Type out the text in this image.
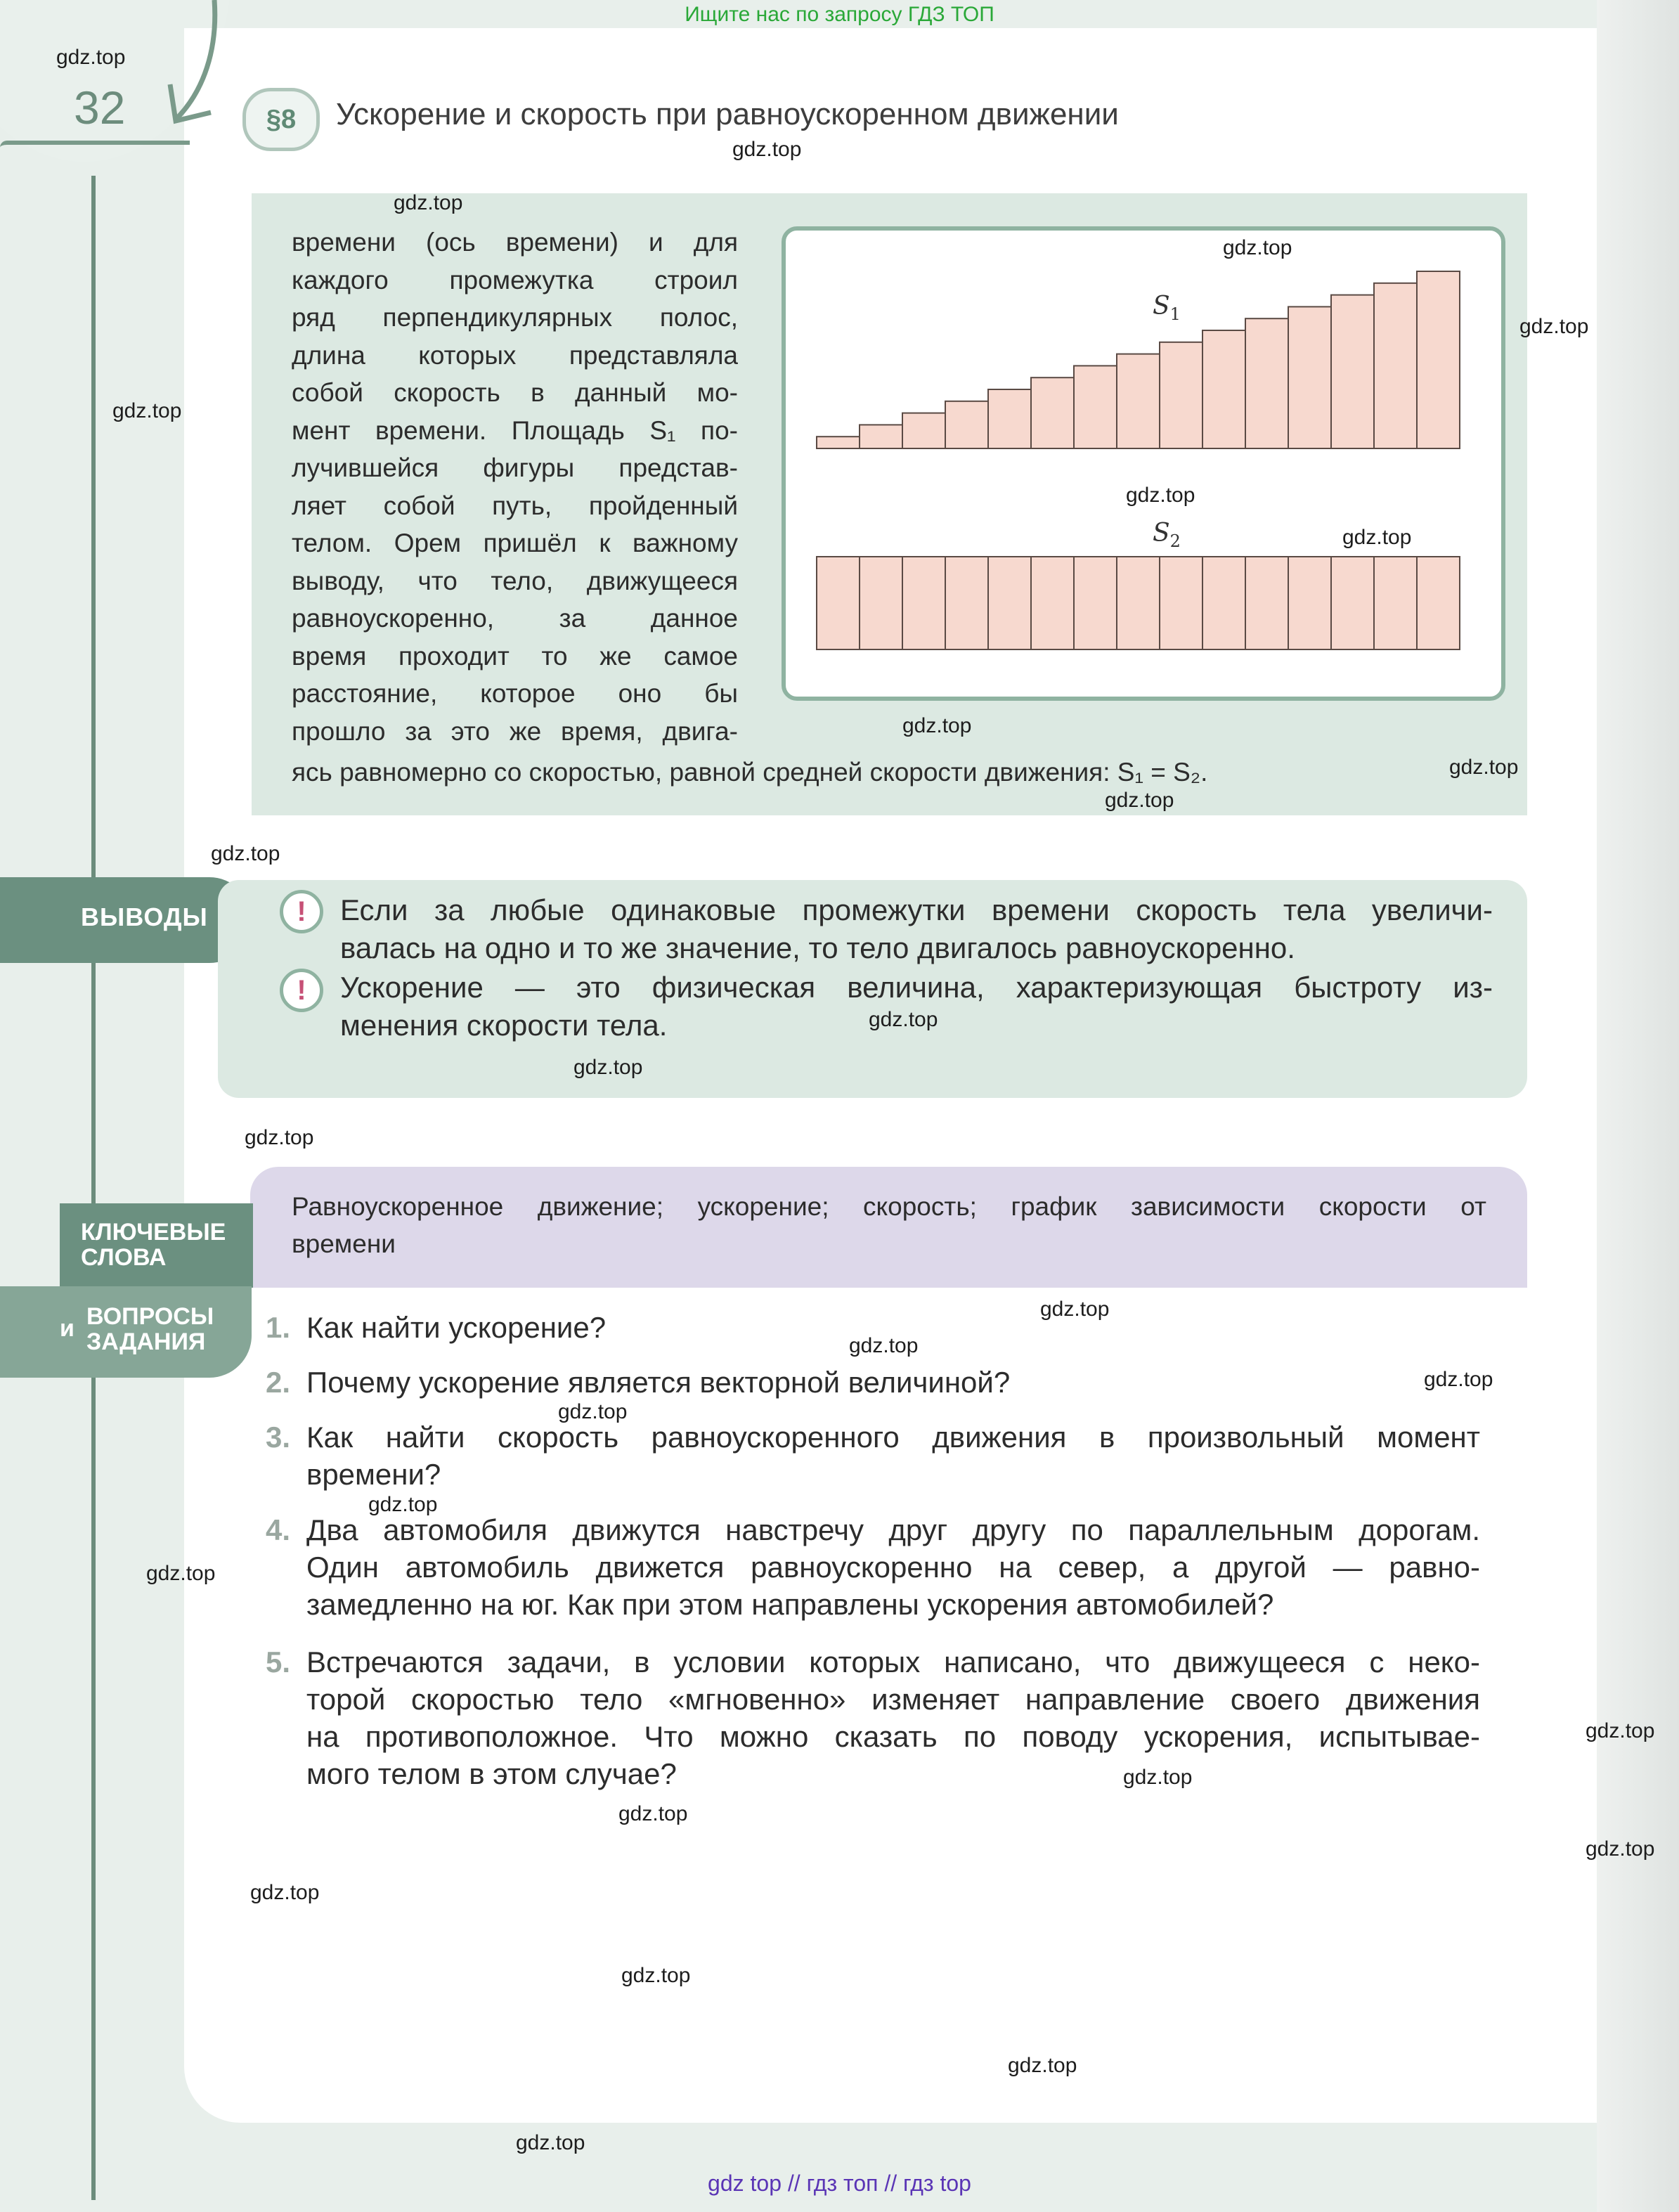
Ищите нас по запросу ГДЗ ТОП
32	§8	Ускорение и скорость при равноускоренном движении
времени (ось времени) и для
каждого промежутка строил
ряд перпендикулярных полос,
длина которых представляла
собой скорость в данный мо-
мент времени. Площадь S₁ по-
лучившейся фигуры представ-
ляет собой путь, пройденный
телом. Орем пришёл к важному
выводу, что тело, движущееся
равноускоренно, за данное
время проходит то же самое
расстояние, которое оно бы
прошло за это же время, двига-
ясь равномерно со скоростью, равной средней скорости движения: S₁ = S₂.
$S_1$
$S_2$
ВЫВОДЫ	!	Если за любые одинаковые промежутки времени скорость тела увеличи-
валась на одно и то же значение, то тело двигалось равноускоренно.
!	Ускорение — это физическая величина, характеризующая быстроту из-
менения скорости тела.
КЛЮЧЕВЫЕ
СЛОВА
Равноускоренное движение; ускорение; скорость; график зависимости скорости от
времени
и ВОПРОСЫ
ЗАДАНИЯ 1. Как найти ускорение?
2. Почему ускорение является векторной величиной?
3. Как найти скорость равноускоренного движения в произвольный момент
времени?
4. Два автомобиля движутся навстречу друг другу по параллельным дорогам.
Один автомобиль движется равноускоренно на север, а другой — равно-
замедленно на юг. Как при этом направлены ускорения автомобилей?
5. Встречаются задачи, в условии которых написано, что движущееся с неко-
торой скоростью тело «мгновенно» изменяет направление своего движения
на противоположное. Что можно сказать по поводу ускорения, испытывае-
мого телом в этом случае?
gdz.top
gdz.top
gdz.top
gdz.top
gdz.top
gdz.top
gdz.top
gdz.top
gdz.top
gdz.top
gdz.top
gdz.top
gdz.top
gdz.top
gdz.top
gdz.top
gdz.top
gdz.top
gdz.top
gdz.top
gdz.top
gdz.top
gdz.top
gdz.top
gdz.top
gdz.top
gdz.top
gdz.top
gdz.top
gdz top // гдз топ // гдз top
